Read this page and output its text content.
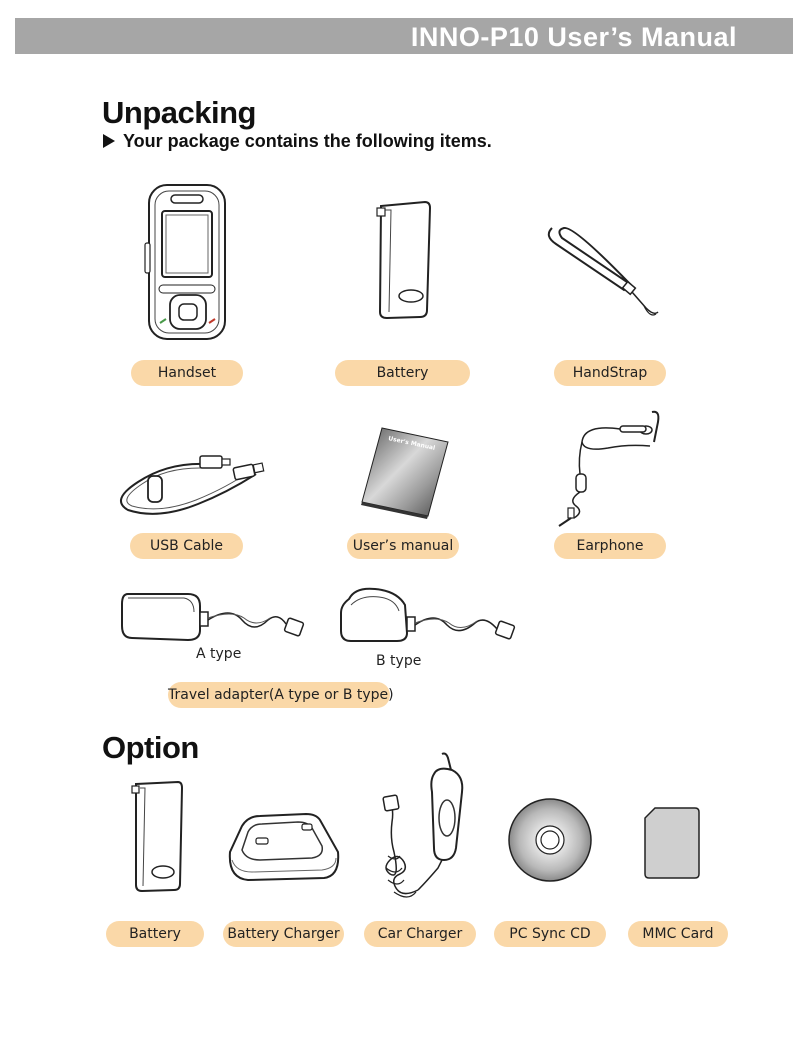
INNO-P10 User’s Manual
Unpacking
Your package contains the following items.
Handset	Battery	HandStrap
USB Cable
User's Manual
User’s manual	Earphone
A type	B type
Travel adapter(A type or B type)
Option
Battery	Battery Charger	Car Charger	PC Sync CD	MMC Card
